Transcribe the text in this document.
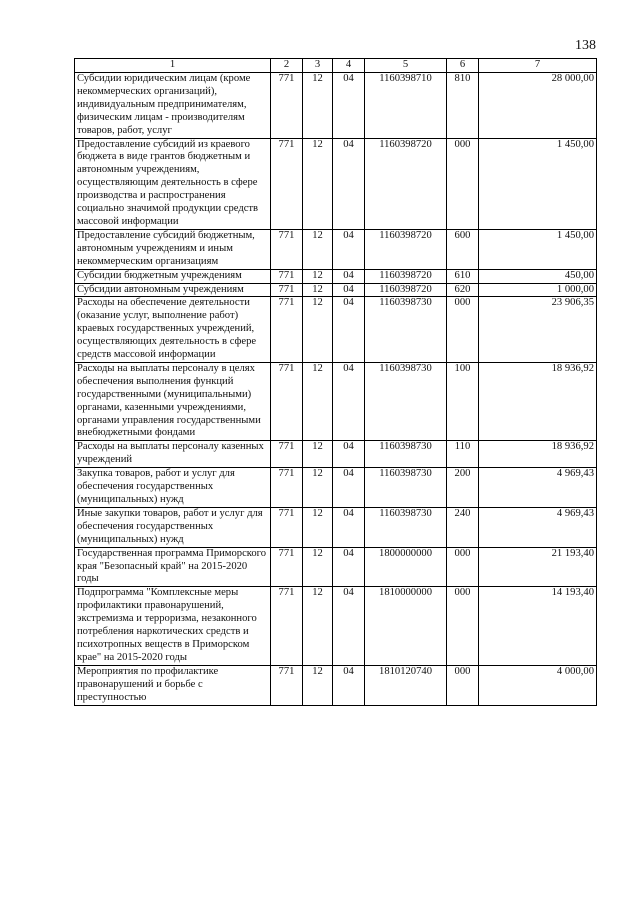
138
1	2	3	4	5	6	7
Субсидии юридическим лицам (кроме некоммерческих организаций), индивидуальным предпринимателям, физическим лицам - производителям товаров, работ, услуг	771	12	04	1160398710	810	28 000,00
Предоставление субсидий из краевого бюджета в виде грантов бюджетным и автономным учреждениям, осуществляющим деятельность в сфере производства и распространения социально значимой продукции средств массовой информации	771	12	04	1160398720	000	1 450,00
Предоставление субсидий бюджетным, автономным учреждениям и иным некоммерческим организациям	771	12	04	1160398720	600	1 450,00
Субсидии бюджетным учреждениям	771	12	04	1160398720	610	450,00
Субсидии автономным учреждениям	771	12	04	1160398720	620	1 000,00
Расходы на обеспечение деятельности (оказание услуг, выполнение работ) краевых государственных учреждений, осуществляющих деятельность в сфере средств массовой информации	771	12	04	1160398730	000	23 906,35
Расходы на выплаты персоналу в целях обеспечения выполнения функций государственными (муниципальными) органами, казенными учреждениями, органами управления государственными внебюджетными фондами	771	12	04	1160398730	100	18 936,92
Расходы на выплаты персоналу казенных учреждений	771	12	04	1160398730	110	18 936,92
Закупка товаров, работ и услуг для обеспечения государственных (муниципальных) нужд	771	12	04	1160398730	200	4 969,43
Иные закупки товаров, работ и услуг для обеспечения государственных (муниципальных) нужд	771	12	04	1160398730	240	4 969,43
Государственная программа Приморского края "Безопасный край" на 2015-2020 годы	771	12	04	1800000000	000	21 193,40
Подпрограмма "Комплексные меры профилактики правонарушений, экстремизма и терроризма, незаконного потребления наркотических средств и психотропных веществ в Приморском крае" на 2015-2020 годы	771	12	04	1810000000	000	14 193,40
Мероприятия по профилактике правонарушений и борьбе с преступностью	771	12	04	1810120740	000	4 000,00
